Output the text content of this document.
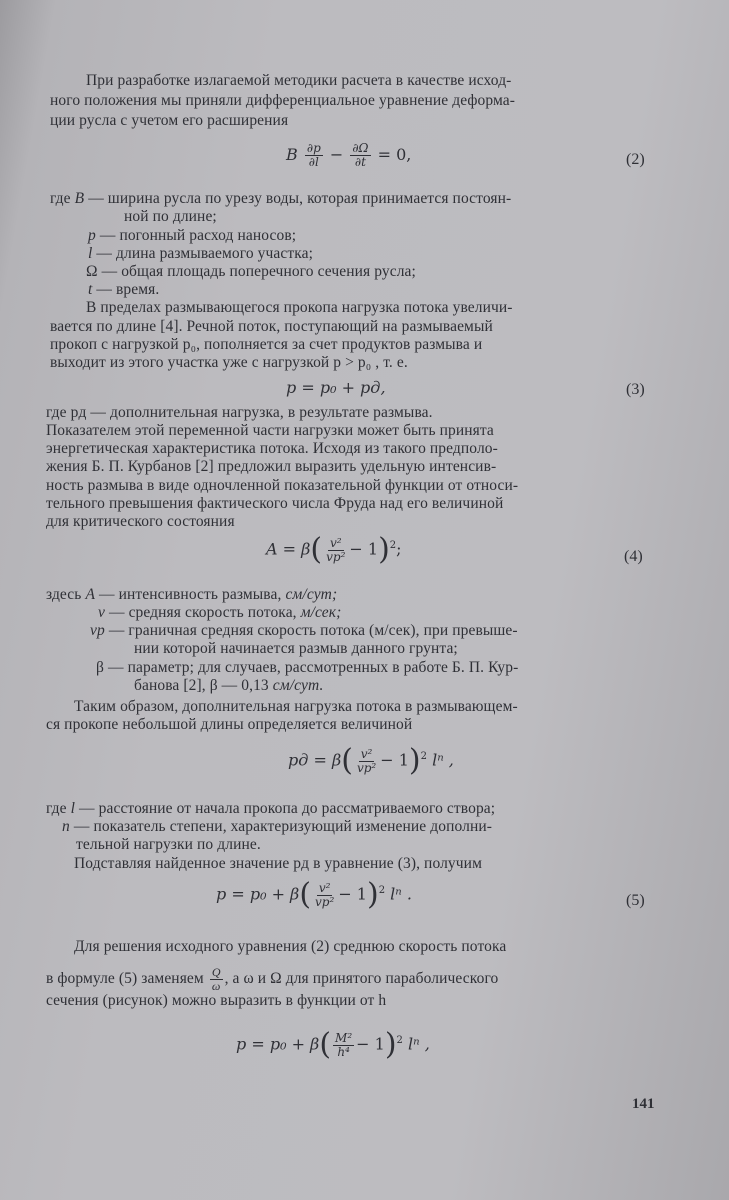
При разработке излагаемой методики расчета в качестве исход-
ного положения мы приняли дифференциальное уравнение деформа-
ции русла с учетом его расширения
B $\frac{\partial p}{\partial l} - \frac{\partial\Omega}{\partial t} = 0$,	(2)
где B — ширина русла по урезу воды, которая принимается постоян-
ной по длине;
p — погонный расход наносов;
l — длина размываемого участка;
Ω — общая площадь поперечного сечения русла;
t — время.
В пределах размывающегося прокопа нагрузка потока увеличи-
вается по длине [4]. Речной поток, поступающий на размываемый
прокоп с нагрузкой p₀, пополняется за счет продуктов размыва и
выходит из этого участка уже с нагрузкой p > p₀ , т. е.
p = p₀ + pд,	(3)
где pд — дополнительная нагрузка, в результате размыва.
Показателем этой переменной части нагрузки может быть принята
энергетическая характеристика потока. Исходя из такого предполо-
жения Б. П. Курбанов [2] предложил выразить удельную интенсив-
ность размыва в виде одночленной показательной функции от относи-
тельного превышения фактического числа Фруда над его величиной
для критического состояния
$A = \beta( \frac{\text{v²}}{\text{vp²}} - 1)^2$;	(4)
здесь A — интенсивность размыва, см/сут;
v — средняя скорость потока, м/сек;
vр — граничная средняя скорость потока (м/сек), при превыше-
нии которой начинается размыв данного грунта;
β — параметр; для случаев, рассмотренных в работе Б. П. Кур-
банова [2], β — 0,13 см/сут.
Таким образом, дополнительная нагрузка потока в размывающем-
ся прокопе небольшой длины определяется величиной
pд = $\beta( \frac{\text{v²}}{\text{vp²}} - 1)^2$ lⁿ ,
где l — расстояние от начала прокопа до рассматриваемого створа;
n — показатель степени, характеризующий изменение дополни-
тельной нагрузки по длине.
Подставляя найденное значение pд в уравнение (3), получим
$p = p_0 + \beta( \frac{\text{v²}}{\text{vp²}} - 1)^2$ lⁿ .	(5)
Для решения исходного уравнения (2) среднюю скорость потока
в формуле (5) заменяем $\frac{Q}{\omega}$ , а ω и Ω для принятого параболического
сечения (рисунок) можно выразить в функции от h
$p = p_0 + \beta( \frac{\text{M²}}{\text{h⁴}} - 1)^2$ lⁿ ,
141
